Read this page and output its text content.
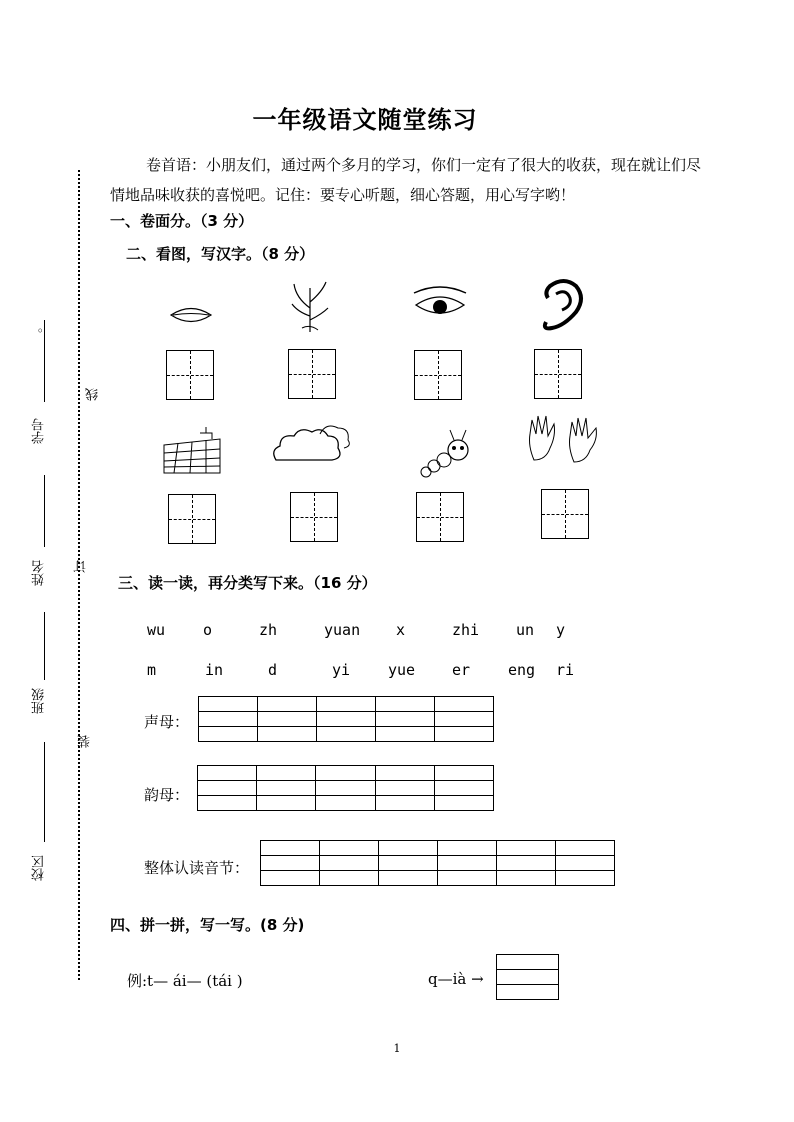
线
订
装
学号
。
姓名
班级
校区
一年级语文随堂练习
卷首语：小朋友们，通过两个多月的学习，你们一定有了很大的收获，现在就让们尽情地品味收获的喜悦吧。记住：要专心听题，细心答题，用心写字哟！
一、卷面分。（3 分）
二、看图，写汉字。（8 分）
三、读一读，再分类写下来。（16 分）
wu	o	zh	yuan x	zhi un y
m	in	d	yi	yue er	eng ri
声母：

韵母：

整体认读音节：

四、拼一拼，写一写。(8 分)
例:t— ái— (tái )	q—ià →

1
